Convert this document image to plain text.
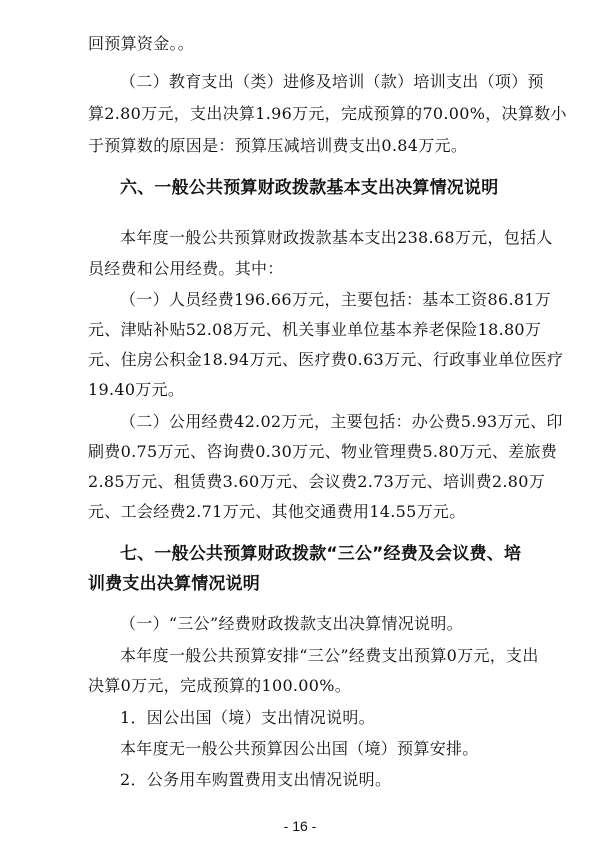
回预算资金。。
（二）教育支出（类）进修及培训（款）培训支出（项）预
算2.80万元，支出决算1.96万元，完成预算的70.00%，决算数小
于预算数的原因是：预算压减培训费支出0.84万元。
六、一般公共预算财政拨款基本支出决算情况说明
本年度一般公共预算财政拨款基本支出238.68万元，包括人
员经费和公用经费。其中：
（一）人员经费196.66万元，主要包括：基本工资86.81万
元、津贴补贴52.08万元、机关事业单位基本养老保险18.80万
元、住房公积金18.94万元、医疗费0.63万元、行政事业单位医疗
19.40万元。
（二）公用经费42.02万元，主要包括：办公费5.93万元、印
刷费0.75万元、咨询费0.30万元、物业管理费5.80万元、差旅费
2.85万元、租赁费3.60万元、会议费2.73万元、培训费2.80万
元、工会经费2.71万元、其他交通费用14.55万元。
七、一般公共预算财政拨款“三公”经费及会议费、培
训费支出决算情况说明
（一）“三公”经费财政拨款支出决算情况说明。
本年度一般公共预算安排“三公”经费支出预算0万元，支出
决算0万元，完成预算的100.00%。
1．因公出国（境）支出情况说明。
本年度无一般公共预算因公出国（境）预算安排。
2．公务用车购置费用支出情况说明。
- 16 -
